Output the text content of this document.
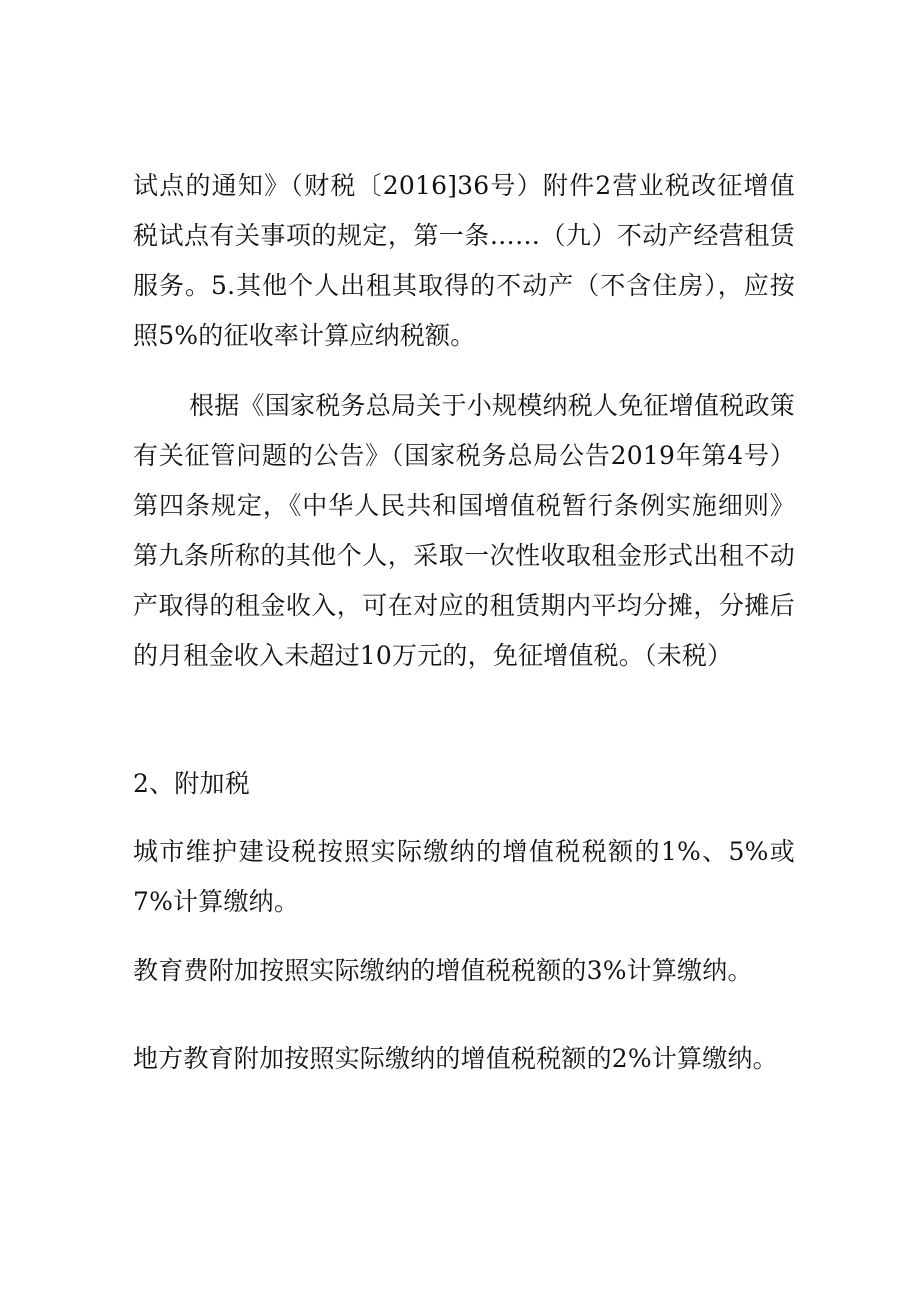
试点的通知》（财税〔2016]36号）附件2营业税改征增值税试点有关事项的规定，第一条……（九）不动产经营租赁服务。5.其他个人出租其取得的不动产（不含住房），应按照5%的征收率计算应纳税额。

根据《国家税务总局关于小规模纳税人免征增值税政策有关征管问题的公告》（国家税务总局公告2019年第4号）第四条规定，《中华人民共和国增值税暂行条例实施细则》第九条所称的其他个人，采取一次性收取租金形式出租不动产取得的租金收入，可在对应的租赁期内平均分摊，分摊后的月租金收入未超过10万元的，免征增值税。（未税）

2、附加税

城市维护建设税按照实际缴纳的增值税税额的1%、5%或7%计算缴纳。

教育费附加按照实际缴纳的增值税税额的3%计算缴纳。

地方教育附加按照实际缴纳的增值税税额的2%计算缴纳。
